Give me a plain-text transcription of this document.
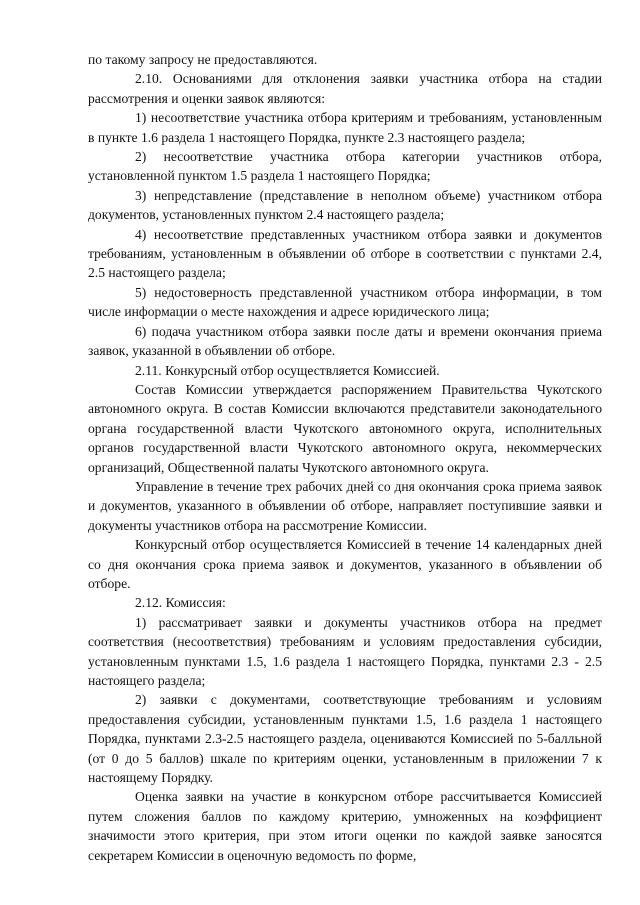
по такому запросу не предоставляются.

2.10. Основаниями для отклонения заявки участника отбора на стадии рассмотрения и оценки заявок являются:

1) несоответствие участника отбора критериям и требованиям, установленным в пункте 1.6 раздела 1 настоящего Порядка, пункте 2.3 настоящего раздела;

2) несоответствие участника отбора категории участников отбора, установленной пунктом 1.5 раздела 1 настоящего Порядка;

3) непредставление (представление в неполном объеме) участником отбора документов, установленных пунктом 2.4 настоящего раздела;

4) несоответствие представленных участником отбора заявки и документов требованиям, установленным в объявлении об отборе в соответствии с пунктами 2.4, 2.5 настоящего раздела;

5) недостоверность представленной участником отбора информации, в том числе информации о месте нахождения и адресе юридического лица;

6) подача участником отбора заявки после даты и времени окончания приема заявок, указанной в объявлении об отборе.

2.11. Конкурсный отбор осуществляется Комиссией.

Состав Комиссии утверждается распоряжением Правительства Чукотского автономного округа. В состав Комиссии включаются представители законодательного органа государственной власти Чукотского автономного округа, исполнительных органов государственной власти Чукотского автономного округа, некоммерческих организаций, Общественной палаты Чукотского автономного округа.

Управление в течение трех рабочих дней со дня окончания срока приема заявок и документов, указанного в объявлении об отборе, направляет поступившие заявки и документы участников отбора на рассмотрение Комиссии.

Конкурсный отбор осуществляется Комиссией в течение 14 календарных дней со дня окончания срока приема заявок и документов, указанного в объявлении об отборе.

2.12. Комиссия:

1) рассматривает заявки и документы участников отбора на предмет соответствия (несоответствия) требованиям и условиям предоставления субсидии, установленным пунктами 1.5, 1.6 раздела 1 настоящего Порядка, пунктами 2.3 - 2.5 настоящего раздела;

2) заявки с документами, соответствующие требованиям и условиям предоставления субсидии, установленным пунктами 1.5, 1.6 раздела 1 настоящего Порядка, пунктами 2.3-2.5 настоящего раздела, оцениваются Комиссией по 5-балльной (от 0 до 5 баллов) шкале по критериям оценки, установленным в приложении 7 к настоящему Порядку.

Оценка заявки на участие в конкурсном отборе рассчитывается Комиссией путем сложения баллов по каждому критерию, умноженных на коэффициент значимости этого критерия, при этом итоги оценки по каждой заявке заносятся секретарем Комиссии в оценочную ведомость по форме,
